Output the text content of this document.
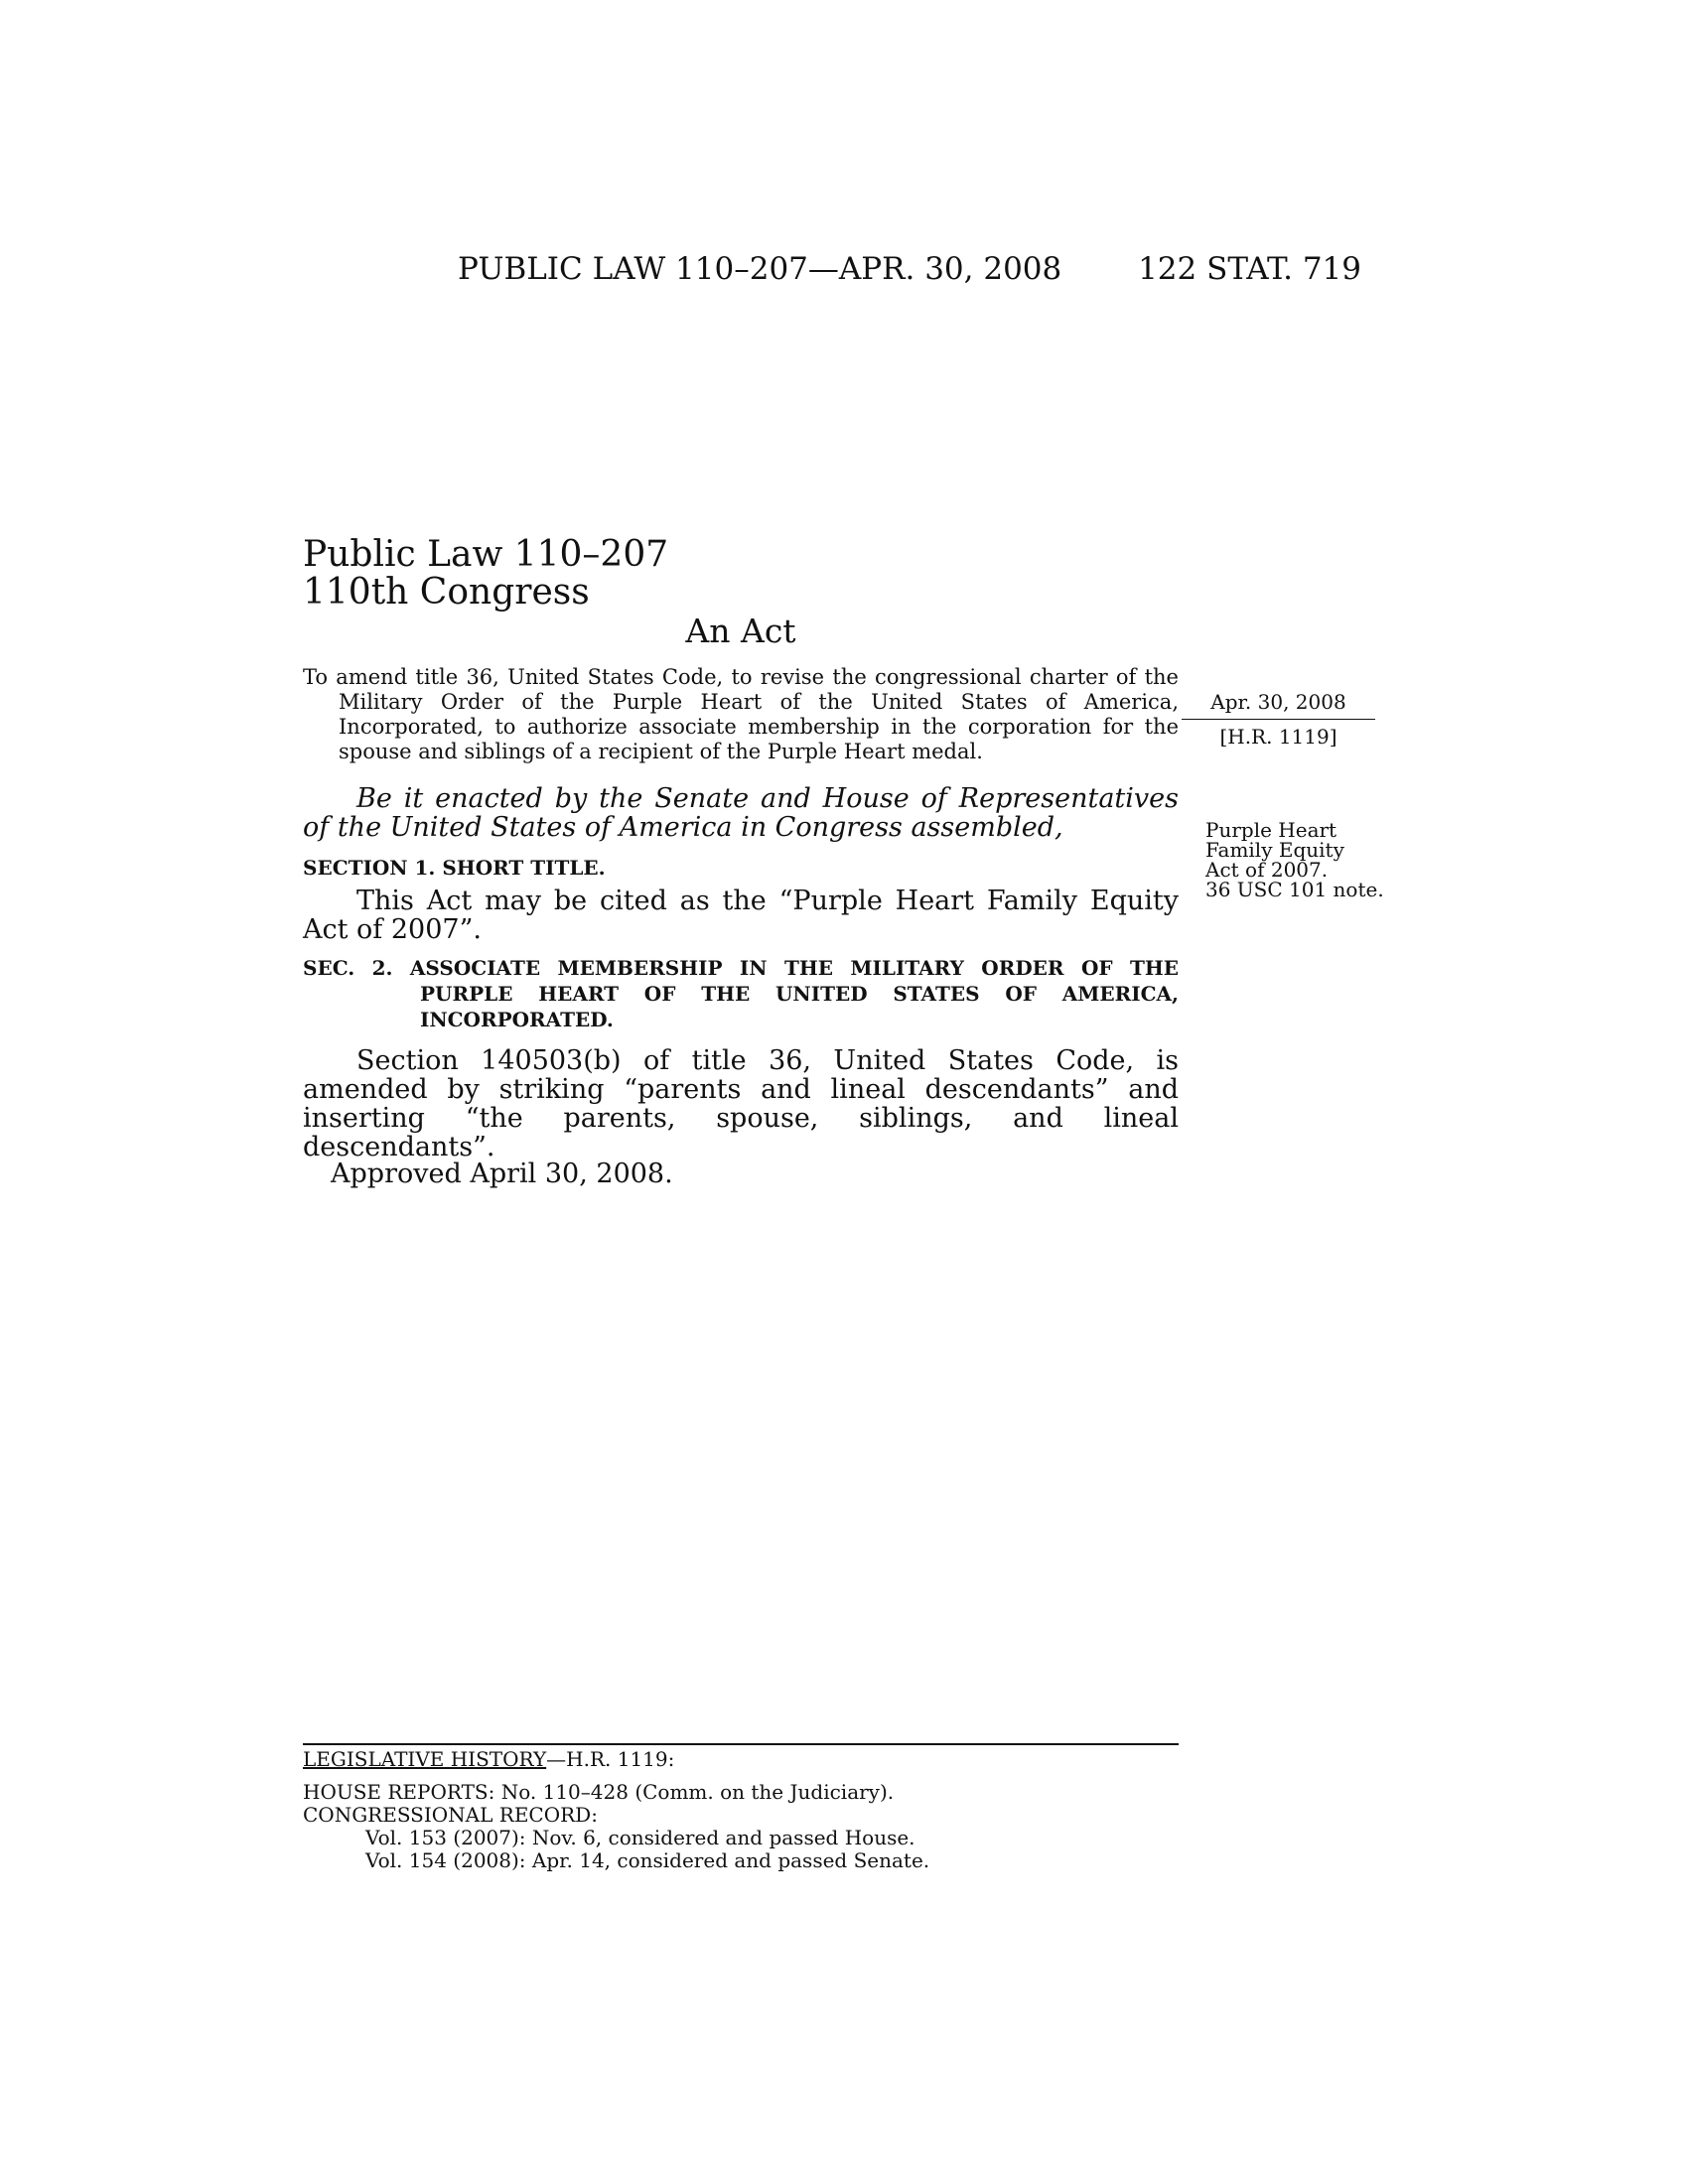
PUBLIC LAW 110–207—APR. 30, 2008 122 STAT. 719
Public Law 110–207
110th Congress
An Act
To amend title 36, United States Code, to revise the congressional charter of the Military Order of the Purple Heart of the United States of America, Incorporated, to authorize associate membership in the corporation for the spouse and siblings of a recipient of the Purple Heart medal.
Apr. 30, 2008
[H.R. 1119]
Be it enacted by the Senate and House of Representatives of the United States of America in Congress assembled,	Purple Heart
Family Equity
Act of 2007.
36 USC 101 note.
SECTION 1. SHORT TITLE.
This Act may be cited as the “Purple Heart Family Equity Act of 2007”.
SEC. 2. ASSOCIATE MEMBERSHIP IN THE MILITARY ORDER OF THE PURPLE HEART OF THE UNITED STATES OF AMERICA, INCORPORATED.
Section 140503(b) of title 36, United States Code, is amended by striking “parents and lineal descendants” and inserting “the parents, spouse, siblings, and lineal descendants”.
Approved April 30, 2008.
LEGISLATIVE HISTORY—H.R. 1119:
HOUSE REPORTS: No. 110–428 (Comm. on the Judiciary).
CONGRESSIONAL RECORD:
Vol. 153 (2007): Nov. 6, considered and passed House.
Vol. 154 (2008): Apr. 14, considered and passed Senate.
